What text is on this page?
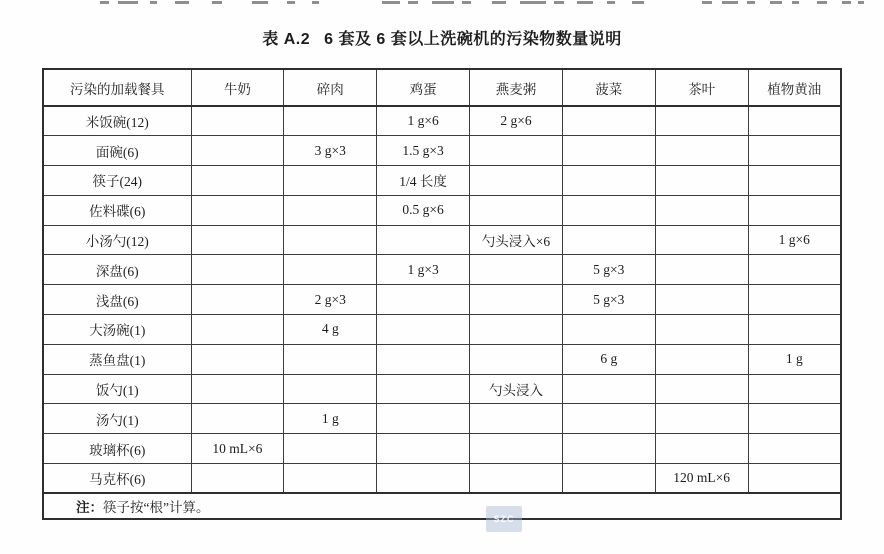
表 A.2 6 套及 6 套以上洗碗机的污染物数量说明
污染的加载餐具	牛奶	碎肉	鸡蛋	燕麦粥	菠菜	茶叶	植物黄油
米饭碗(12)			1 g×6	2 g×6			
面碗(6)		3 g×3	1.5 g×3				
筷子(24)			1/4 长度				
佐料碟(6)			0.5 g×6				
小汤勺(12)				勺头浸入×6			1 g×6
深盘(6)			1 g×3		5 g×3		
浅盘(6)		2 g×3			5 g×3		
大汤碗(1)		4 g					
蒸鱼盘(1)					6 g		1 g
饭勺(1)				勺头浸入			
汤勺(1)		1 g					
玻璃杯(6)	10 mL×6						
马克杯(6)						120 mL×6	
注：筷子按“根”计算。							
SZC
